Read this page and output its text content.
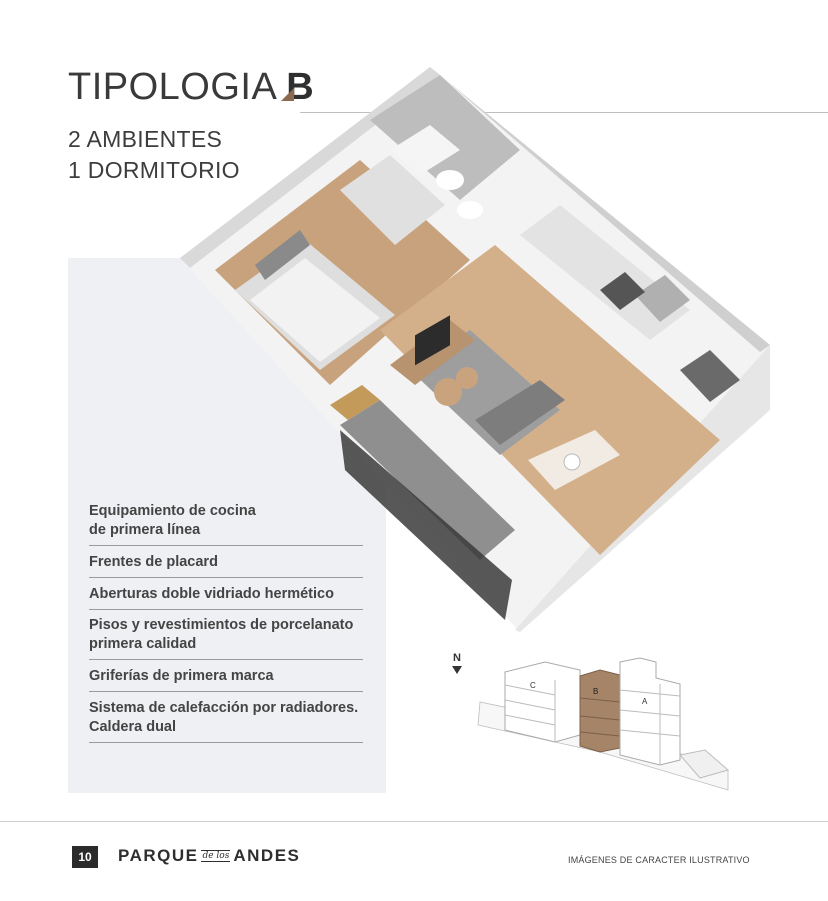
TIPOLOGIA B
2 AMBIENTES
1 DORMITORIO
Equipamiento de cocina
de primera línea
Frentes de placard
Aberturas doble vidriado hermético
Pisos y revestimientos de porcelanato
primera calidad
Griferías de primera marca
Sistema de calefacción por radiadores.
Caldera dual
N
C
B
A
10	PARQUE de los ANDES	IMÁGENES DE CARACTER ILUSTRATIVO
